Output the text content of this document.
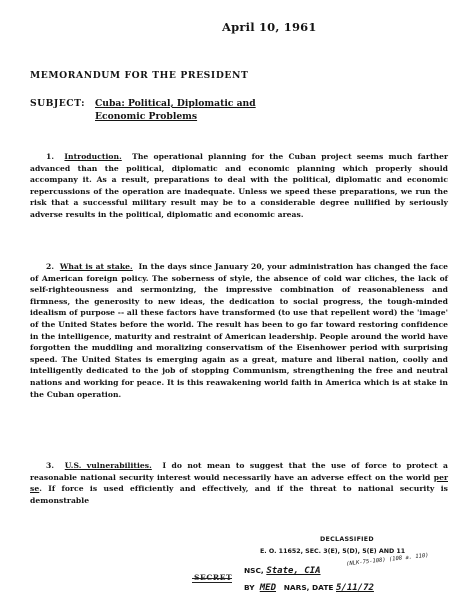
April 10, 1961
MEMORANDUM FOR THE PRESIDENT
SUBJECT: Cuba: Political, Diplomatic and
Economic Problems

1. Introduction. The operational planning for the Cuban project seems much farther advanced than the political, diplomatic and economic planning which properly should accompany it. As a result, preparations to deal with the political, diplomatic and economic repercussions of the operation are inadequate. Unless we speed these preparations, we run the risk that a successful military result may be to a considerable degree nullified by seriously adverse results in the political, diplomatic and economic areas.

2. What is at stake. In the days since January 20, your administration has changed the face of American foreign policy. The soberness of style, the absence of cold war cliches, the lack of self-righteousness and sermonizing, the impressive combination of reasonableness and firmness, the generosity to new ideas, the dedication to social progress, the tough-minded idealism of purpose -- all these factors have transformed (to use that repellent word) the 'image' of the United States before the world. The result has been to go far toward restoring confidence in the intelligence, maturity and restraint of American leadership. People around the world have forgotten the muddling and moralizing conservatism of the Eisenhower period with surprising speed. The United States is emerging again as a great, mature and liberal nation, coolly and intelligently dedicated to the job of stopping Communism, strengthening the free and neutral nations and working for peace. It is this reawakening world faith in America which is at stake in the Cuban operation.

3. U.S. vulnerabilities. I do not mean to suggest that the use of force to protect a reasonable national security interest would necessarily have an adverse effect on the world per se. If force is used efficiently and effectively, and if the threat to national security is demonstrable

DECLASSIFIED
E. O. 11652, SEC. 3(E), 5(D), 5(E) AND 11
(NLK-75-108) (108 a. 110)
NSC, State, CIA
BY MED NARS, DATE 5/11/72
